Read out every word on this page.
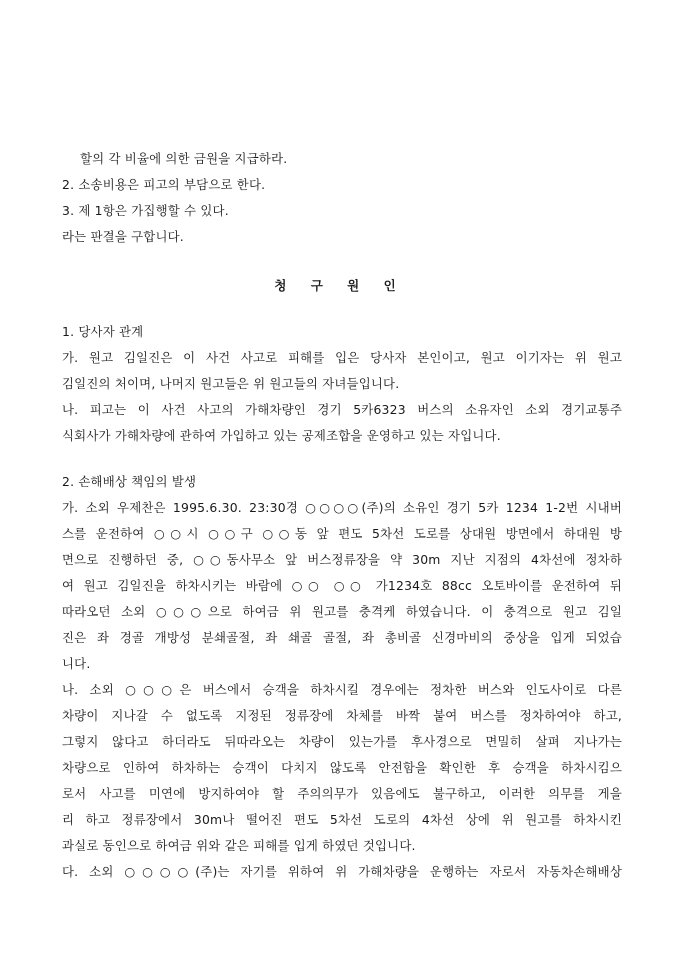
할의 각 비율에 의한 금원을 지급하라.
2. 소송비용은 피고의 부담으로 한다.
3. 제 1항은 가집행할 수 있다.
라는 판결을 구합니다.
청 구 원 인
1. 당사자 관계
가. 원고 김일진은 이 사건 사고로 피해를 입은 당사자 본인이고, 원고 이기자는 위 원고
김일진의 처이며, 나머지 원고들은 위 원고들의 자녀들입니다.
나. 피고는 이 사건 사고의 가해차량인 경기 5카6323 버스의 소유자인 소외 경기교통주
식회사가 가해차량에 관하여 가입하고 있는 공제조합을 운영하고 있는 자입니다.
2. 손해배상 책임의 발생
가. 소외 우제찬은 1995.6.30. 23:30경 ○○○○(주)의 소유인 경기 5카 1234 1-2번 시내버
스를 운전하여 ○○시 ○○구 ○○동 앞 편도 5차선 도로를 상대원 방면에서 하대원 방
면으로 진행하던 중, ○○동사무소 앞 버스정류장을 약 30m 지난 지점의 4차선에 정차하
여 원고 김일진을 하차시키는 바람에 ○○ ○○ 가1234호 88cc 오토바이를 운전하여 뒤
따라오던 소외 ○○○으로 하여금 위 원고를 충격케 하였습니다. 이 충격으로 원고 김일
진은 좌 경골 개방성 분쇄골절, 좌 쇄골 골절, 좌 총비골 신경마비의 중상을 입게 되었습
니다.
나. 소외 ○○○은 버스에서 승객을 하차시킬 경우에는 정차한 버스와 인도사이로 다른
차량이 지나갈 수 없도록 지정된 정류장에 차체를 바짝 붙여 버스를 정차하여야 하고,
그렇지 않다고 하더라도 뒤따라오는 차량이 있는가를 후사경으로 면밀히 살펴 지나가는
차량으로 인하여 하차하는 승객이 다치지 않도록 안전함을 확인한 후 승객을 하차시킴으
로서 사고를 미연에 방지하여야 할 주의의무가 있음에도 불구하고, 이러한 의무를 게을
리 하고 정류장에서 30m나 떨어진 편도 5차선 도로의 4차선 상에 위 원고를 하차시킨
과실로 동인으로 하여금 위와 같은 피해를 입게 하였던 것입니다.
다. 소외 ○○○○(주)는 자기를 위하여 위 가해차량을 운행하는 자로서 자동차손해배상
